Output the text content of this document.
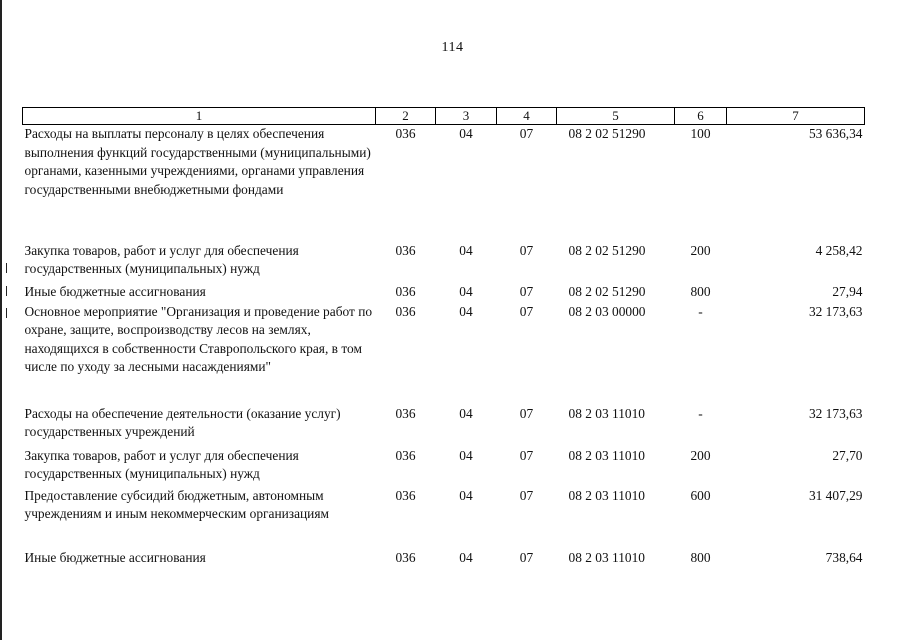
114
1	2	3	4	5	6	7
Расходы на выплаты персоналу в целях обеспечения выполнения функций государственными (муниципальными) органами, казенными учреждениями, органами управления государственными внебюджетными фондами	036	04	07	08 2 02 51290	100	53 636,34
Закупка товаров, работ и услуг для обеспечения государственных (муниципальных) нужд	036	04	07	08 2 02 51290	200	4 258,42
Иные бюджетные ассигнования	036	04	07	08 2 02 51290	800	27,94
Основное мероприятие "Организация и проведение работ по охране, защите, воспроизводству лесов на землях, находящихся в собственности Ставропольского края, в том числе по уходу за лесными насаждениями"	036	04	07	08 2 03 00000	-	32 173,63
Расходы на обеспечение деятельности (оказание услуг) государственных учреждений	036	04	07	08 2 03 11010	-	32 173,63
Закупка товаров, работ и услуг для обеспечения государственных (муниципальных) нужд	036	04	07	08 2 03 11010	200	27,70
Предоставление субсидий бюджетным, автономным учреждениям и иным некоммерческим организациям	036	04	07	08 2 03 11010	600	31 407,29
Иные бюджетные ассигнования	036	04	07	08 2 03 11010	800	738,64
